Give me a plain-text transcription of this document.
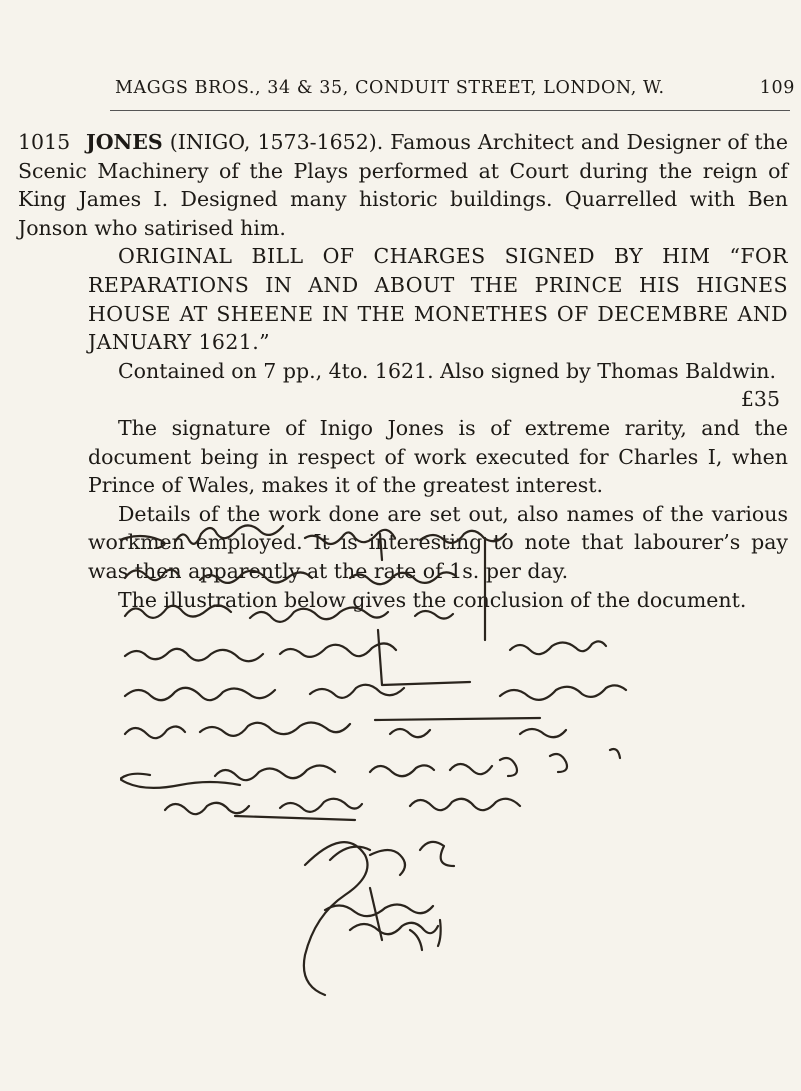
MAGGS BROS., 34 & 35, CONDUIT STREET, LONDON, W.	109

1015 JONES (INIGO, 1573-1652). Famous Architect and Designer of the Scenic Machinery of the Plays performed at Court during the reign of King James I. Designed many historic buildings. Quarrelled with Ben Jonson who satirised him.

ORIGINAL BILL OF CHARGES SIGNED BY HIM “FOR REPARATIONS IN AND ABOUT THE PRINCE HIS HIGNES HOUSE AT SHEENE IN THE MONETHES OF DECEMBRE AND JANUARY 1621.”

Contained on 7 pp., 4to. 1621. Also signed by Thomas Baldwin.

£35

The signature of Inigo Jones is of extreme rarity, and the document being in respect of work executed for Charles I, when Prince of Wales, makes it of the greatest interest.

Details of the work done are set out, also names of the various workmen employed. It is interesting to note that labourer’s pay was then apparently at the rate of 1s. per day.

The illustration below gives the conclusion of the document.
